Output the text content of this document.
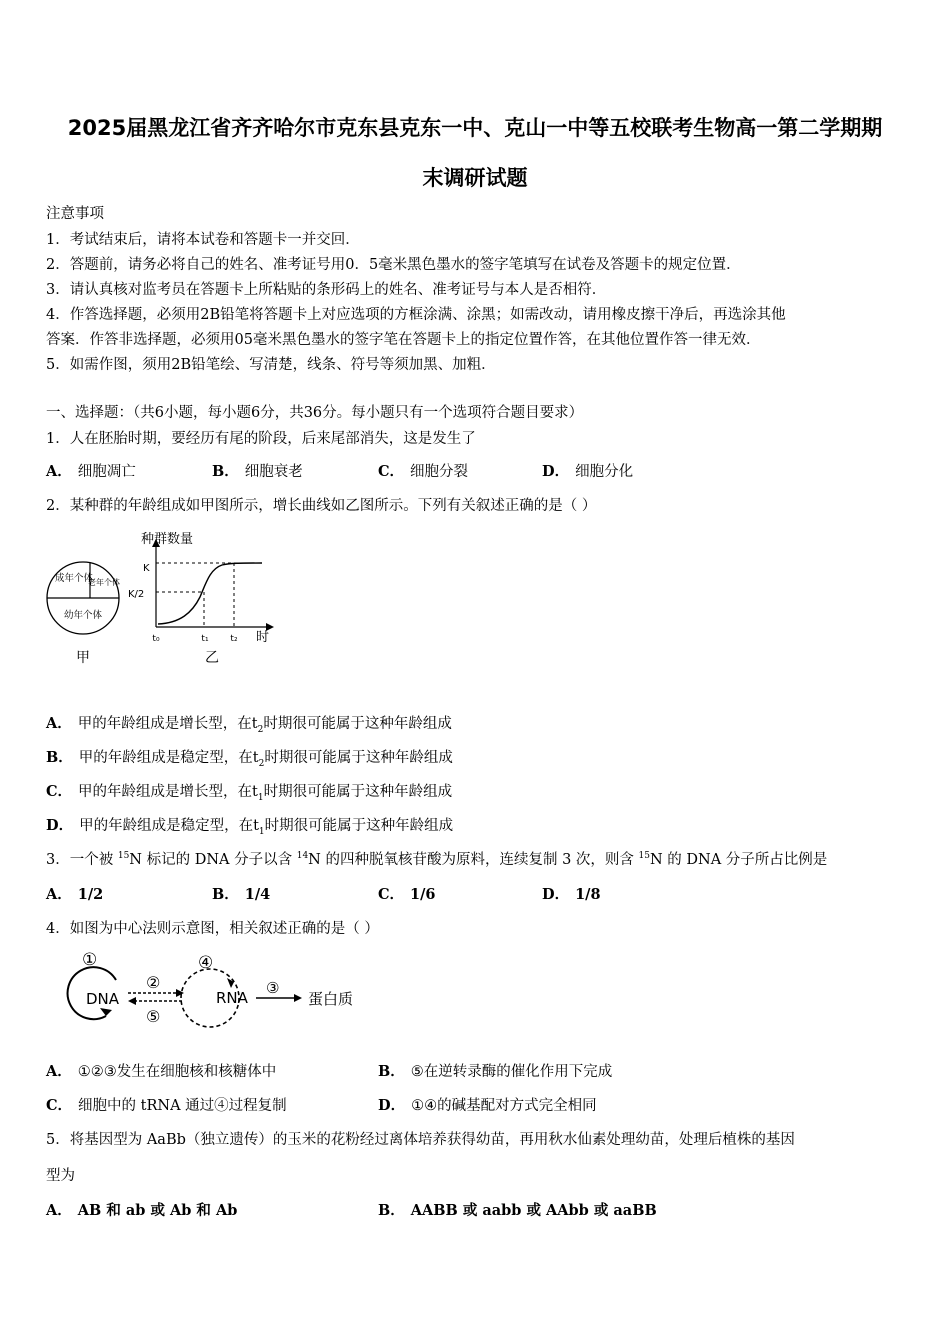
2025届黑龙江省齐齐哈尔市克东县克东一中、克山一中等五校联考生物高一第二学期期
末调研试题
注意事项
1．考试结束后，请将本试卷和答题卡一并交回．
2．答题前，请务必将自己的姓名、准考证号用0．5毫米黑色墨水的签字笔填写在试卷及答题卡的规定位置．
3．请认真核对监考员在答题卡上所粘贴的条形码上的姓名、准考证号与本人是否相符．
4．作答选择题，必须用2B铅笔将答题卡上对应选项的方框涂满、涂黑；如需改动，请用橡皮擦干净后，再选涂其他
答案．作答非选择题，必须用05毫米黑色墨水的签字笔在答题卡上的指定位置作答，在其他位置作答一律无效．
5．如需作图，须用2B铅笔绘、写清楚，线条、符号等须加黑、加粗．
一、选择题：（共6小题，每小题6分，共36分。每小题只有一个选项符合题目要求）
1．人在胚胎时期，要经历有尾的阶段，后来尾部消失，这是发生了
A． 细胞凋亡	B． 细胞衰老	C． 细胞分裂	D． 细胞分化
2．某种群的年龄组成如甲图所示，增长曲线如乙图所示。下列有关叙述正确的是（ ）
成年个体
老年个体
幼年个体
甲
种群数量
K
K/2
t₀	t₁ t₂ 时
乙
A． 甲的年龄组成是增长型，在$t_2$时期很可能属于这种年龄组成
B． 甲的年龄组成是稳定型，在$t_2$时期很可能属于这种年龄组成
C． 甲的年龄组成是增长型，在$t_1$时期很可能属于这种年龄组成
D． 甲的年龄组成是稳定型，在$t_1$时期很可能属于这种年龄组成
3．一个被 $^{15}$N 标记的 DNA 分子以含 $^{14}$N 的四种脱氧核苷酸为原料，连续复制 3 次，则含 $^{15}$N 的 DNA 分子所占比例是
A． 1/2	B． 1/4	C． 1/6	D． 1/8
4．如图为中心法则示意图，相关叙述正确的是（ ）
①
DNA
②
⑤
④
RNA
③
蛋白质
A． ①②③发生在细胞核和核糖体中	B． ⑤在逆转录酶的催化作用下完成
C． 细胞中的 tRNA 通过④过程复制	D． ①④的碱基配对方式完全相同
5．将基因型为 AaBb（独立遗传）的玉米的花粉经过离体培养获得幼苗，再用秋水仙素处理幼苗，处理后植株的基因
型为
A． AB 和 ab 或 Ab 和 Ab	B． AABB 或 aabb 或 AAbb 或 aaBB
